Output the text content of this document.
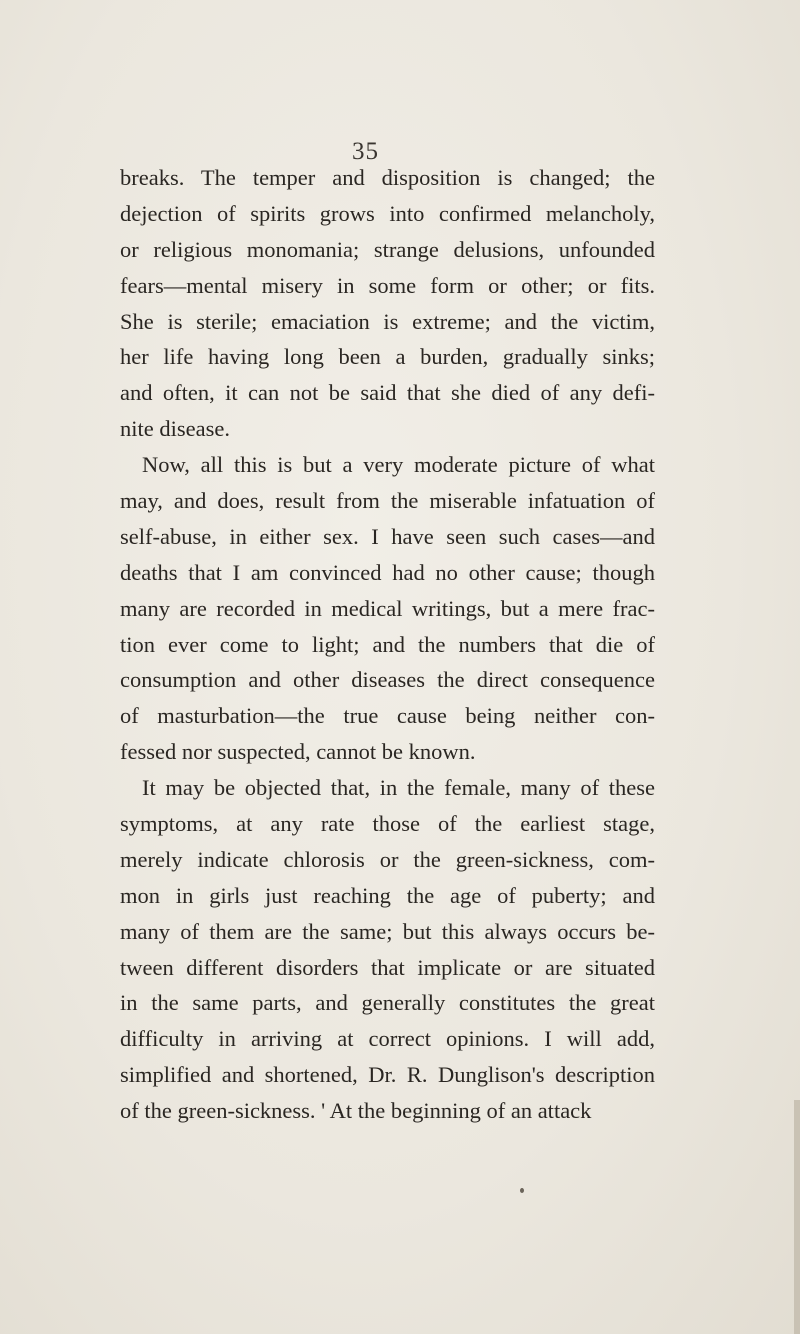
35
breaks. The temper and disposition is changed; the
dejection of spirits grows into confirmed melancholy,
or religious monomania; strange delusions, unfounded
fears—mental misery in some form or other; or fits.
She is sterile; emaciation is extreme; and the victim,
her life having long been a burden, gradually sinks;
and often, it can not be said that she died of any defi-
nite disease.
Now, all this is but a very moderate picture of what
may, and does, result from the miserable infatuation of
self-abuse, in either sex. I have seen such cases—and
deaths that I am convinced had no other cause; though
many are recorded in medical writings, but a mere frac-
tion ever come to light; and the numbers that die of
consumption and other diseases the direct consequence
of masturbation—the true cause being neither con-
fessed nor suspected, cannot be known.
It may be objected that, in the female, many of these
symptoms, at any rate those of the earliest stage,
merely indicate chlorosis or the green-sickness, com-
mon in girls just reaching the age of puberty; and
many of them are the same; but this always occurs be-
tween different disorders that implicate or are situated
in the same parts, and generally constitutes the great
difficulty in arriving at correct opinions. I will add,
simplified and shortened, Dr. R. Dunglison's description
of the green-sickness. ' At the beginning of an attack
